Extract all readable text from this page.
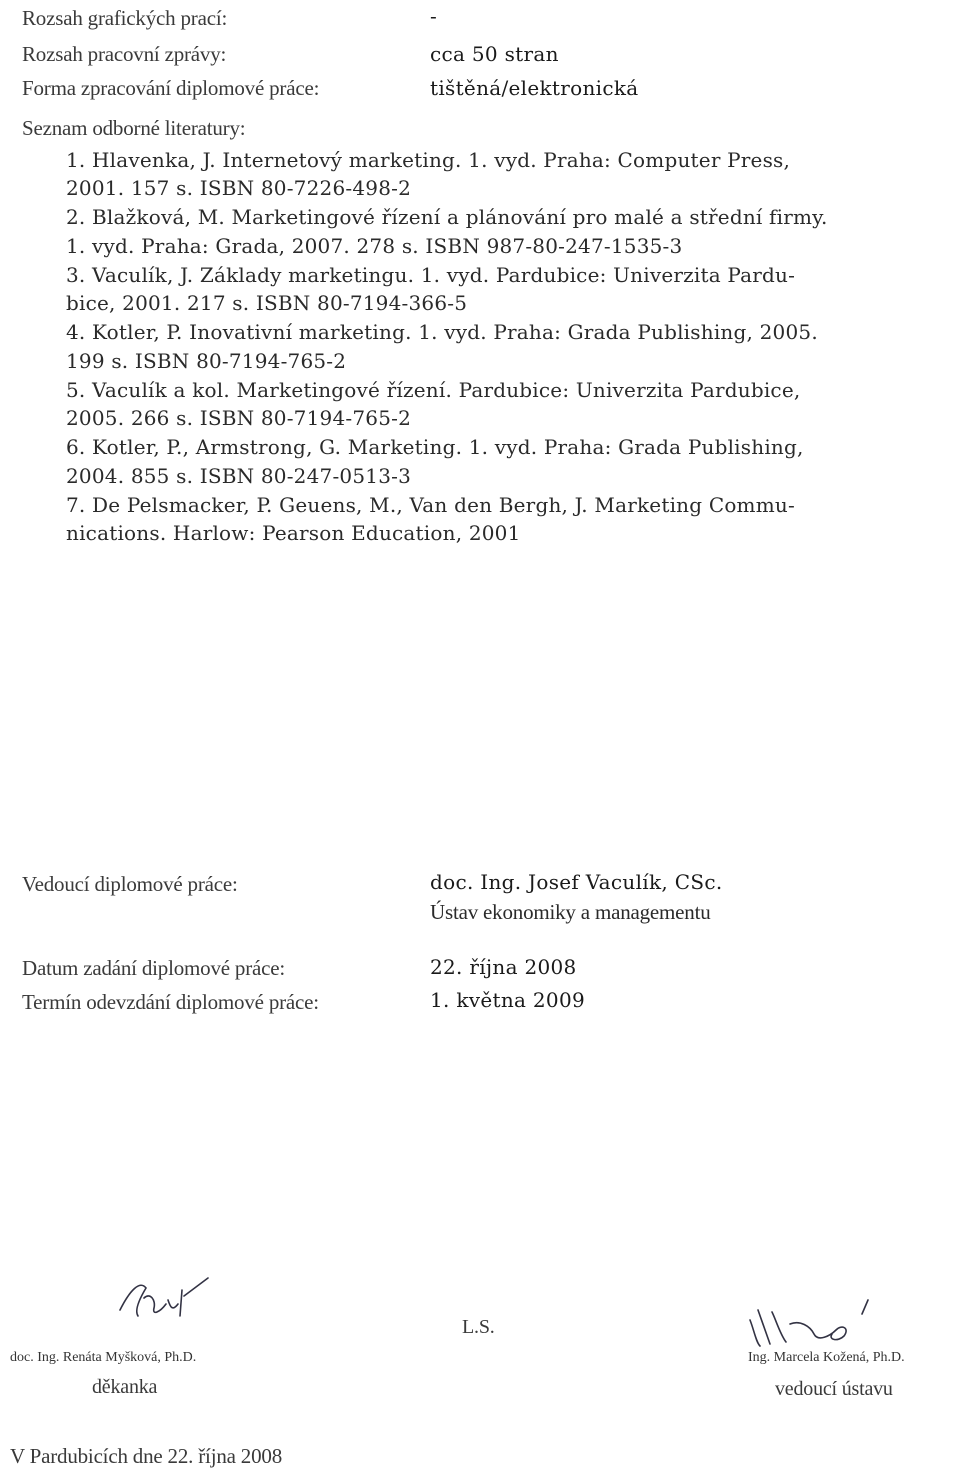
Rozsah grafických prací:	-
Rozsah pracovní zprávy:	cca 50 stran
Forma zpracování diplomové práce:	tištěná/elektronická
Seznam odborné literatury:
1. Hlavenka, J. Internetový marketing. 1. vyd. Praha: Computer Press,
2001. 157 s. ISBN 80-7226-498-2
2. Blažková, M. Marketingové řízení a plánování pro malé a střední firmy.
1. vyd. Praha: Grada, 2007. 278 s. ISBN 987-80-247-1535-3
3. Vaculík, J. Základy marketingu. 1. vyd. Pardubice: Univerzita Pardu-
bice, 2001. 217 s. ISBN 80-7194-366-5
4. Kotler, P. Inovativní marketing. 1. vyd. Praha: Grada Publishing, 2005.
199 s. ISBN 80-7194-765-2
5. Vaculík a kol. Marketingové řízení. Pardubice: Univerzita Pardubice,
2005. 266 s. ISBN 80-7194-765-2
6. Kotler, P., Armstrong, G. Marketing. 1. vyd. Praha: Grada Publishing,
2004. 855 s. ISBN 80-247-0513-3
7. De Pelsmacker, P. Geuens, M., Van den Bergh, J. Marketing Commu-
nications. Harlow: Pearson Education, 2001
Vedoucí diplomové práce:	doc. Ing. Josef Vaculík, CSc.
Ústav ekonomiky a managementu
Datum zadání diplomové práce:	22. října 2008
Termín odevzdání diplomové práce:	1. května 2009
doc. Ing. Renáta Myšková, Ph.D.
děkanka
L.S.
Ing. Marcela Kožená, Ph.D.
vedoucí ústavu
V Pardubicích dne 22. října 2008
